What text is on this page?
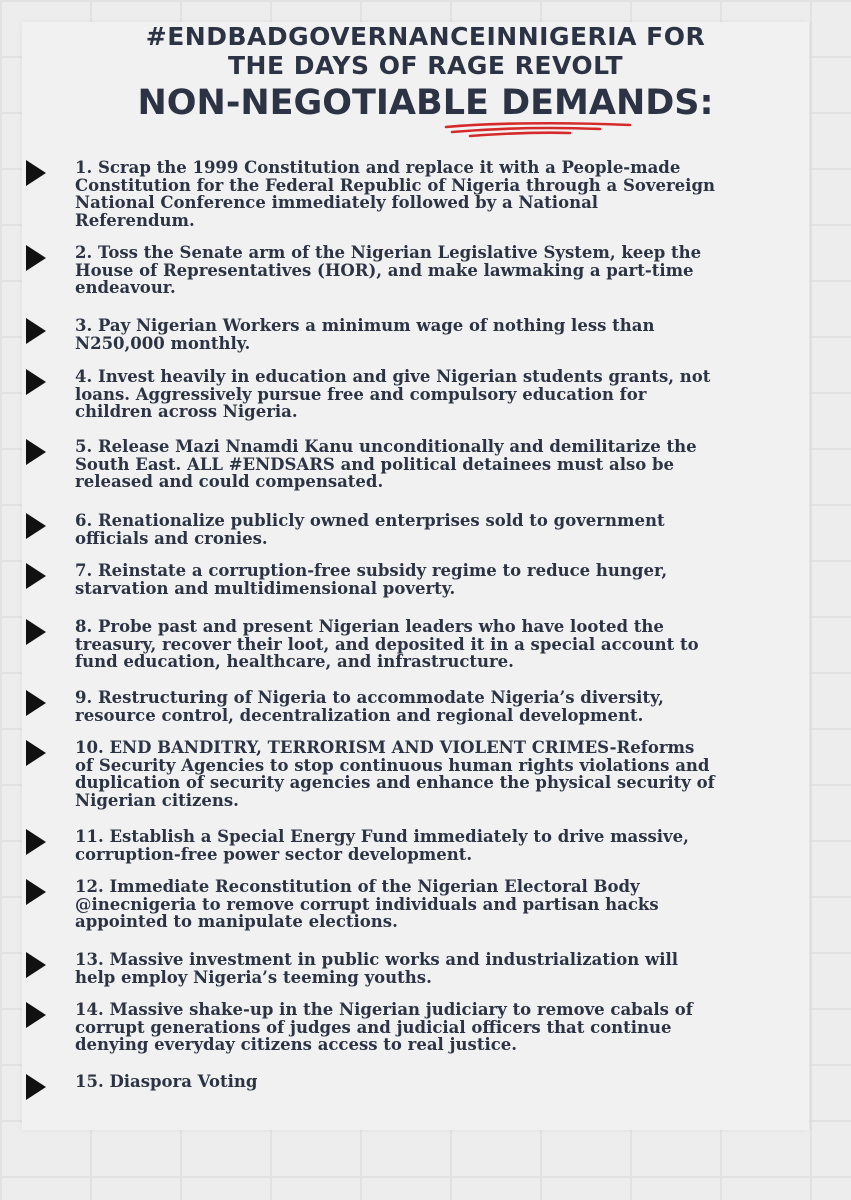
#ENDBADGOVERNANCEINNIGERIA FOR
THE DAYS OF RAGE REVOLT
NON-NEGOTIABLE DEMANDS:
1. Scrap the 1999 Constitution and replace it with a People-made
Constitution for the Federal Republic of Nigeria through a Sovereign
National Conference immediately followed by a National
Referendum.
2. Toss the Senate arm of the Nigerian Legislative System, keep the
House of Representatives (HOR), and make lawmaking a part-time
endeavour.
3. Pay Nigerian Workers a minimum wage of nothing less than
N250,000 monthly.
4. Invest heavily in education and give Nigerian students grants, not
loans. Aggressively pursue free and compulsory education for
children across Nigeria.
5. Release Mazi Nnamdi Kanu unconditionally and demilitarize the
South East. ALL #ENDSARS and political detainees must also be
released and could compensated.
6. Renationalize publicly owned enterprises sold to government
officials and cronies.
7. Reinstate a corruption-free subsidy regime to reduce hunger,
starvation and multidimensional poverty.
8. Probe past and present Nigerian leaders who have looted the
treasury, recover their loot, and deposited it in a special account to
fund education, healthcare, and infrastructure.
9. Restructuring of Nigeria to accommodate Nigeria’s diversity,
resource control, decentralization and regional development.
10. END BANDITRY, TERRORISM AND VIOLENT CRIMES-Reforms
of Security Agencies to stop continuous human rights violations and
duplication of security agencies and enhance the physical security of
Nigerian citizens.
11. Establish a Special Energy Fund immediately to drive massive,
corruption-free power sector development.
12. Immediate Reconstitution of the Nigerian Electoral Body
@inecnigeria to remove corrupt individuals and partisan hacks
appointed to manipulate elections.
13. Massive investment in public works and industrialization will
help employ Nigeria’s teeming youths.
14. Massive shake-up in the Nigerian judiciary to remove cabals of
corrupt generations of judges and judicial officers that continue
denying everyday citizens access to real justice.
15. Diaspora Voting
